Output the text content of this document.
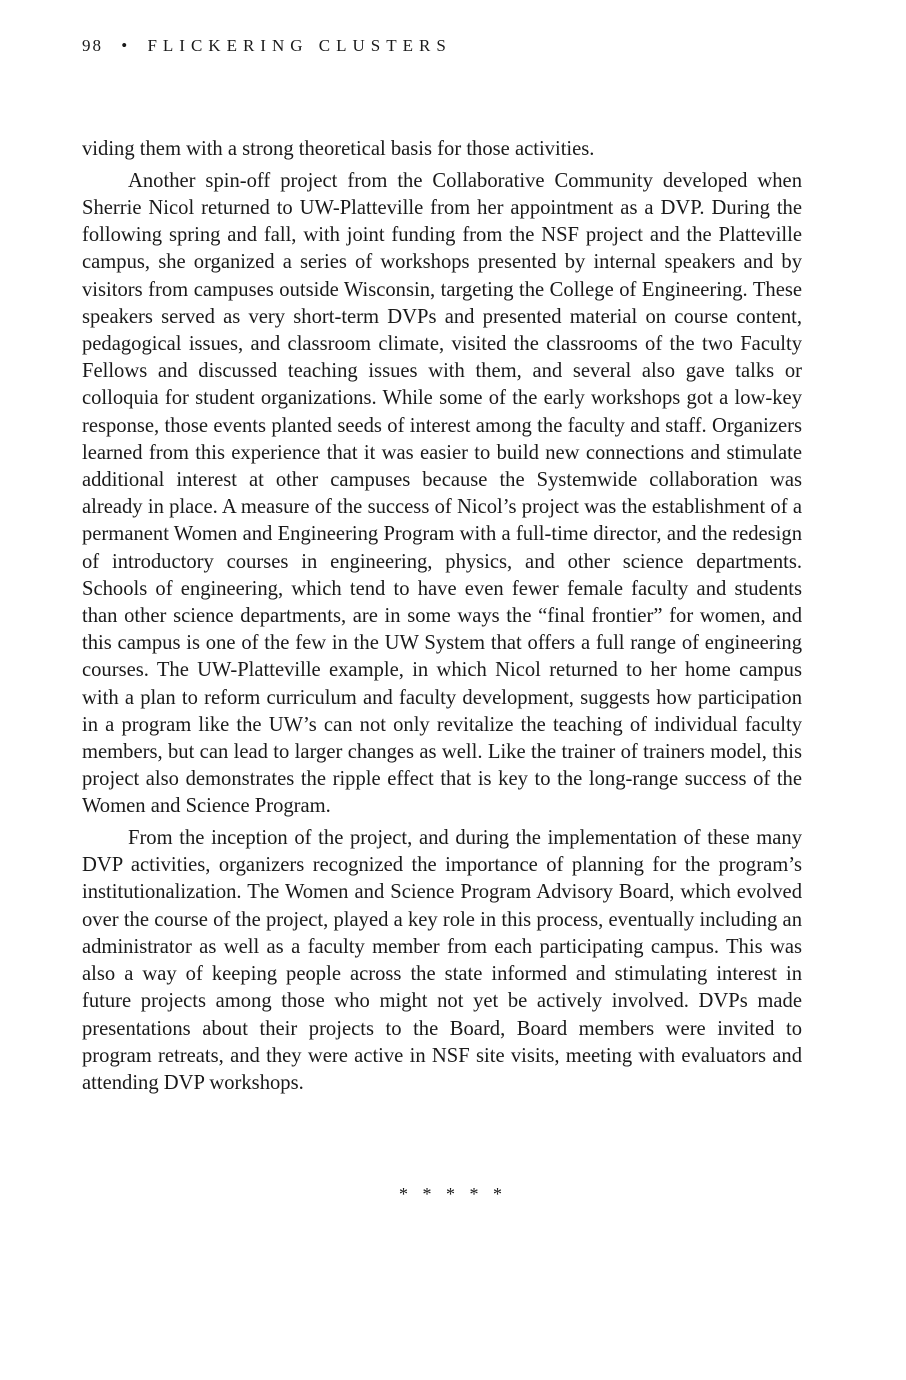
98 • FLICKERING CLUSTERS

viding them with a strong theoretical basis for those activities.

Another spin-off project from the Collaborative Community developed when Sherrie Nicol returned to UW-Platteville from her appointment as a DVP. During the following spring and fall, with joint funding from the NSF project and the Platteville campus, she organized a series of workshops presented by internal speakers and by visitors from campuses outside Wisconsin, targeting the College of Engineering. These speakers served as very short-term DVPs and presented material on course content, pedagogical issues, and classroom climate, visited the classrooms of the two Faculty Fellows and discussed teaching issues with them, and several also gave talks or colloquia for student organizations. While some of the early workshops got a low-key response, those events planted seeds of interest among the faculty and staff. Organizers learned from this experience that it was easier to build new connections and stimulate additional interest at other campuses because the Systemwide collaboration was already in place. A measure of the success of Nicol’s project was the establishment of a permanent Women and Engineering Program with a full-time director, and the redesign of introductory courses in engineering, physics, and other science departments. Schools of engineering, which tend to have even fewer female faculty and students than other science departments, are in some ways the “final frontier” for women, and this campus is one of the few in the UW System that offers a full range of engineering courses. The UW-Platteville example, in which Nicol returned to her home campus with a plan to reform curriculum and faculty development, suggests how participation in a program like the UW’s can not only revitalize the teaching of individual faculty members, but can lead to larger changes as well. Like the trainer of trainers model, this project also demonstrates the ripple effect that is key to the long-range success of the Women and Science Program.

From the inception of the project, and during the implementation of these many DVP activities, organizers recognized the importance of planning for the program’s institutionalization. The Women and Science Program Advisory Board, which evolved over the course of the project, played a key role in this process, eventually including an administrator as well as a faculty member from each participating campus. This was also a way of keeping people across the state informed and stimulating interest in future projects among those who might not yet be actively involved. DVPs made presentations about their projects to the Board, Board members were invited to program retreats, and they were active in NSF site visits, meeting with evaluators and attending DVP workshops.

* * * * *
